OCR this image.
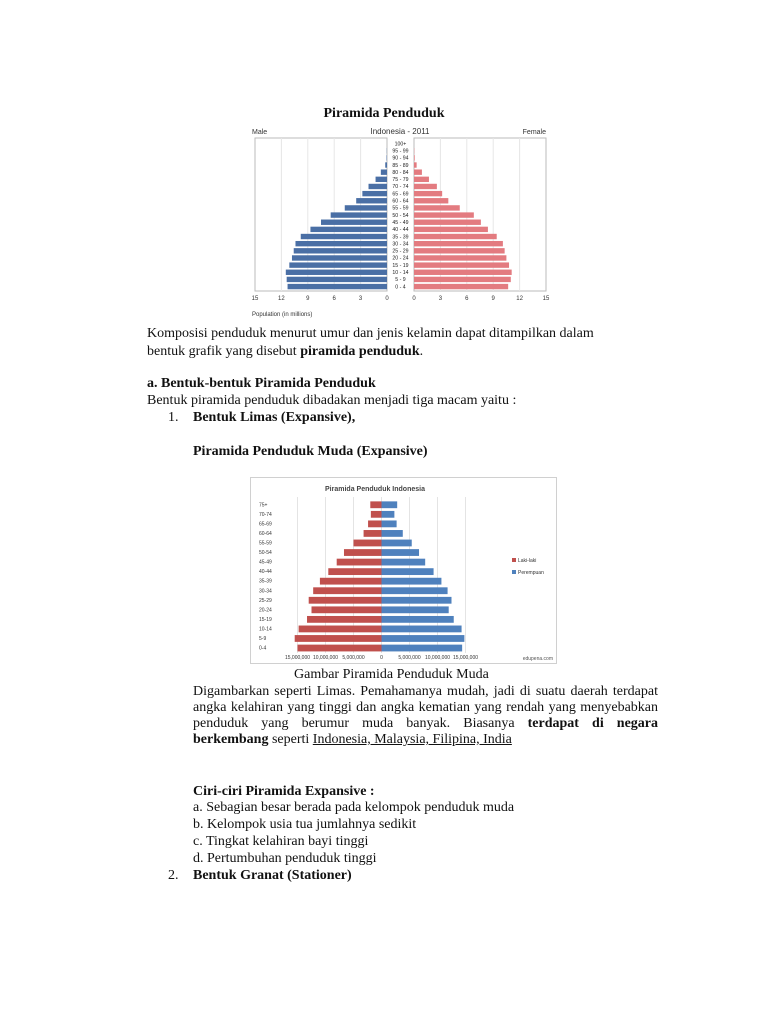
Piramida Penduduk
Male	Indonesia - 2011	Female
100+
95 - 99
90 - 94
85 - 89
80 - 84
75 - 79
70 - 74
65 - 69
60 - 64
55 - 59
50 - 54
45 - 49
40 - 44
35 - 39
30 - 34
25 - 29
20 - 24
15 - 19
10 - 14
5 - 9
0 - 4
15	12	9	6	3	0	0	3	6	9	12	15
Population (in millions)
Komposisi penduduk menurut umur dan jenis kelamin dapat ditampilkan dalam
bentuk grafik yang disebut piramida penduduk.
a. Bentuk-bentuk Piramida Penduduk
Bentuk piramida penduduk dibadakan menjadi tiga macam yaitu :
1. Bentuk Limas (Expansive),
Piramida Penduduk Muda (Expansive)
Piramida Penduduk Indonesia
75+
70-74
65-69
60-64
55-59
50-54
45-49
40-44
35-39
30-34
25-29
20-24
15-19
10-14
5-9
0-4
15,000,000 10,000,000 5,000,000	0	5,000,000 10,000,000 15,000,000
Laki-laki
Perempuan
edupena.com
Gambar Piramida Penduduk Muda
Digambarkan seperti Limas. Pemahamanya mudah, jadi di suatu daerah terdapat angka kelahiran yang tinggi dan angka kematian yang rendah yang menyebabkan penduduk yang berumur muda banyak. Biasanya terdapat di negara berkembang seperti Indonesia, Malaysia, Filipina, India
Ciri-ciri Piramida Expansive :
a. Sebagian besar berada pada kelompok penduduk muda
b. Kelompok usia tua jumlahnya sedikit
c. Tingkat kelahiran bayi tinggi
d. Pertumbuhan penduduk tinggi
2. Bentuk Granat (Stationer)
